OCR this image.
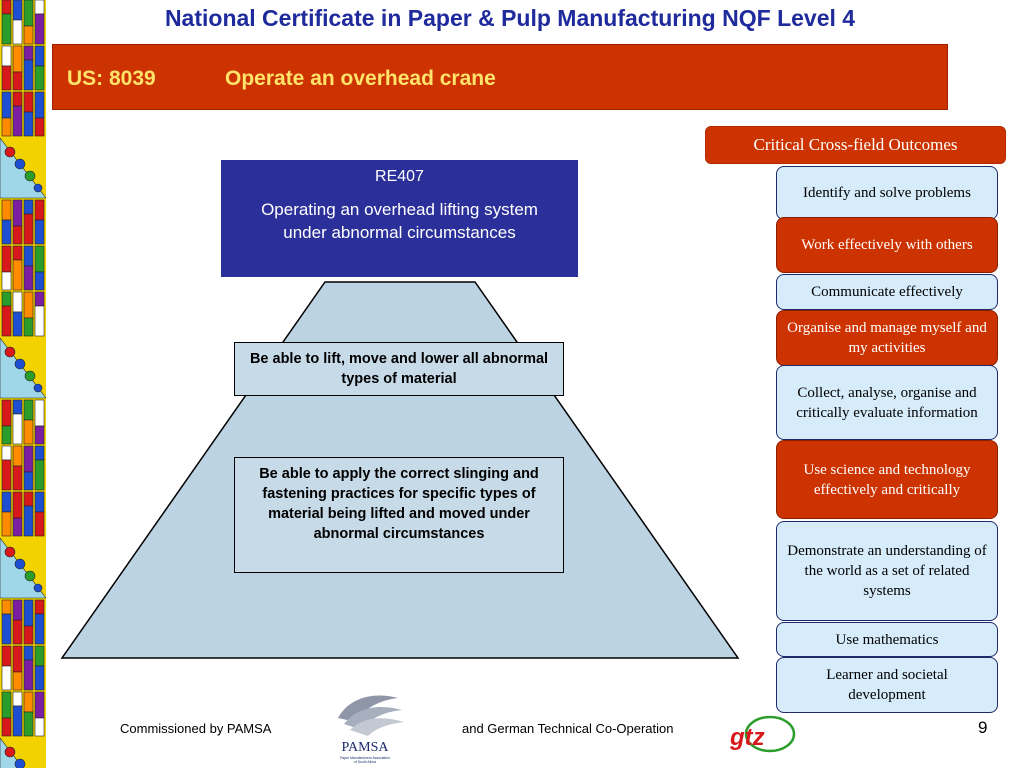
National Certificate in Paper & Pulp Manufacturing NQF Level 4
US: 8039	Operate an overhead crane
RE407
Operating an overhead lifting system under abnormal circumstances
Be able to lift, move and lower all abnormal types of material
Be able to apply the correct slinging and fastening practices for specific types of material being lifted and moved under abnormal circumstances
Critical Cross-field Outcomes
Identify and solve problems
Work effectively with others
Communicate effectively
Organise and manage myself and my activities
Collect, analyse, organise and critically evaluate information
Use science and technology effectively and critically
Demonstrate an understanding of the world as a set of related systems
Use mathematics
Learner and societal development
Commissioned by PAMSA
PAMSA
Paper Manufacturers Association
of South Africa
and German Technical Co-Operation gtz	9
